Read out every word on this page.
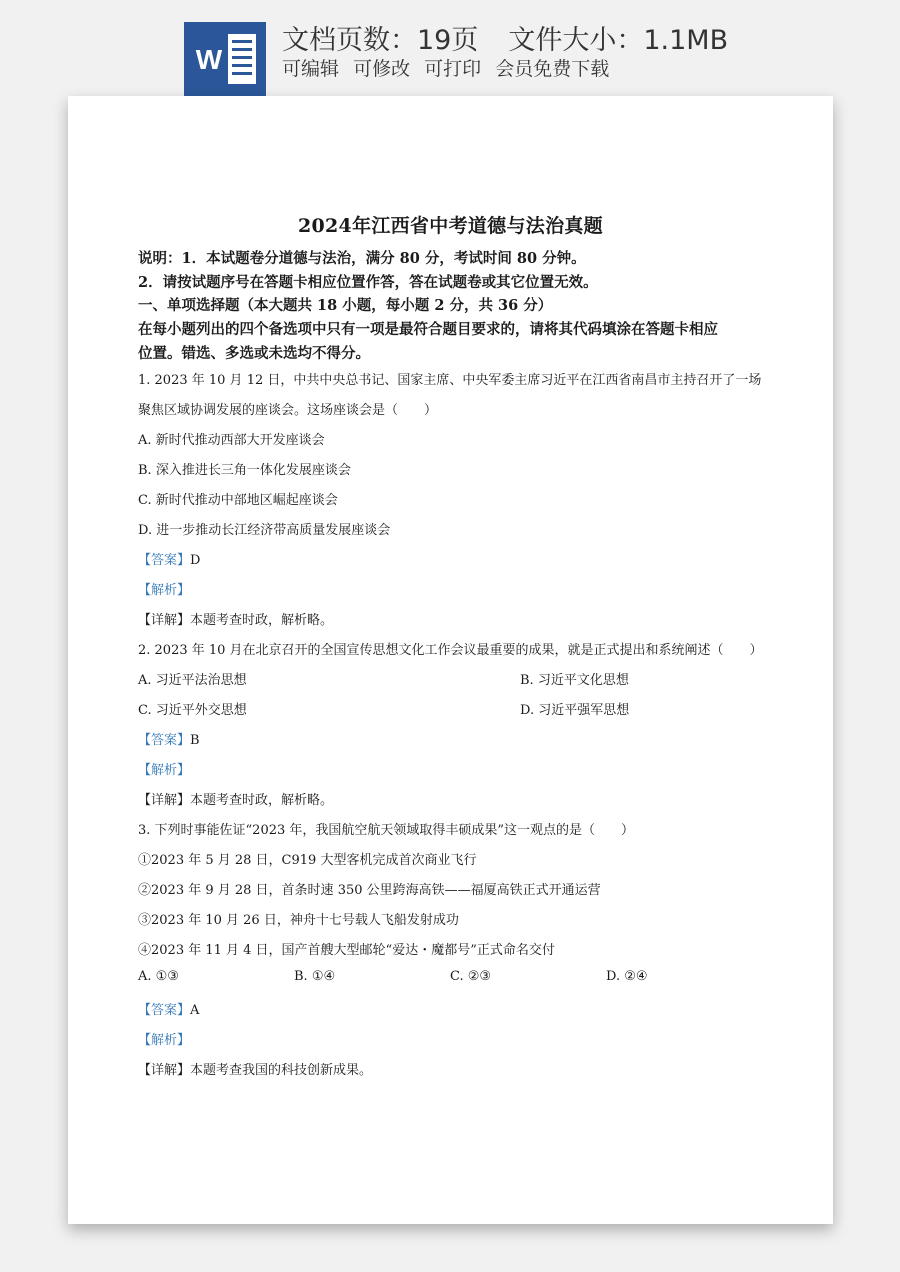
W
文档页数：19页 文件大小：1.1MB
可编辑 可修改 可打印 会员免费下载
2024年江西省中考道德与法治真题
说明：1．本试题卷分道德与法治，满分 80 分，考试时间 80 分钟。
2．请按试题序号在答题卡相应位置作答，答在试题卷或其它位置无效。
一、单项选择题（本大题共 18 小题，每小题 2 分，共 36 分）
在每小题列出的四个备选项中只有一项是最符合题目要求的，请将其代码填涂在答题卡相应
位置。错选、多选或未选均不得分。
1. 2023 年 10 月 12 日，中共中央总书记、国家主席、中央军委主席习近平在江西省南昌市主持召开了一场
聚焦区域协调发展的座谈会。这场座谈会是（　　）
A. 新时代推动西部大开发座谈会
B. 深入推进长三角一体化发展座谈会
C. 新时代推动中部地区崛起座谈会
D. 进一步推动长江经济带高质量发展座谈会
【答案】D
【解析】
【详解】本题考查时政，解析略。
2. 2023 年 10 月在北京召开的全国宣传思想文化工作会议最重要的成果，就是正式提出和系统阐述（　　）
A. 习近平法治思想	B. 习近平文化思想
C. 习近平外交思想	D. 习近平强军思想
【答案】B
【解析】
【详解】本题考查时政，解析略。
3. 下列时事能佐证“2023 年，我国航空航天领域取得丰硕成果”这一观点的是（　　）
①2023 年 5 月 28 日，C919 大型客机完成首次商业飞行
②2023 年 9 月 28 日，首条时速 350 公里跨海高铁——福厦高铁正式开通运营
③2023 年 10 月 26 日，神舟十七号载人飞船发射成功
④2023 年 11 月 4 日，国产首艘大型邮轮“爱达・魔都号”正式命名交付
A. ①③	B. ①④	C. ②③	D. ②④
【答案】A
【解析】
【详解】本题考查我国的科技创新成果。
